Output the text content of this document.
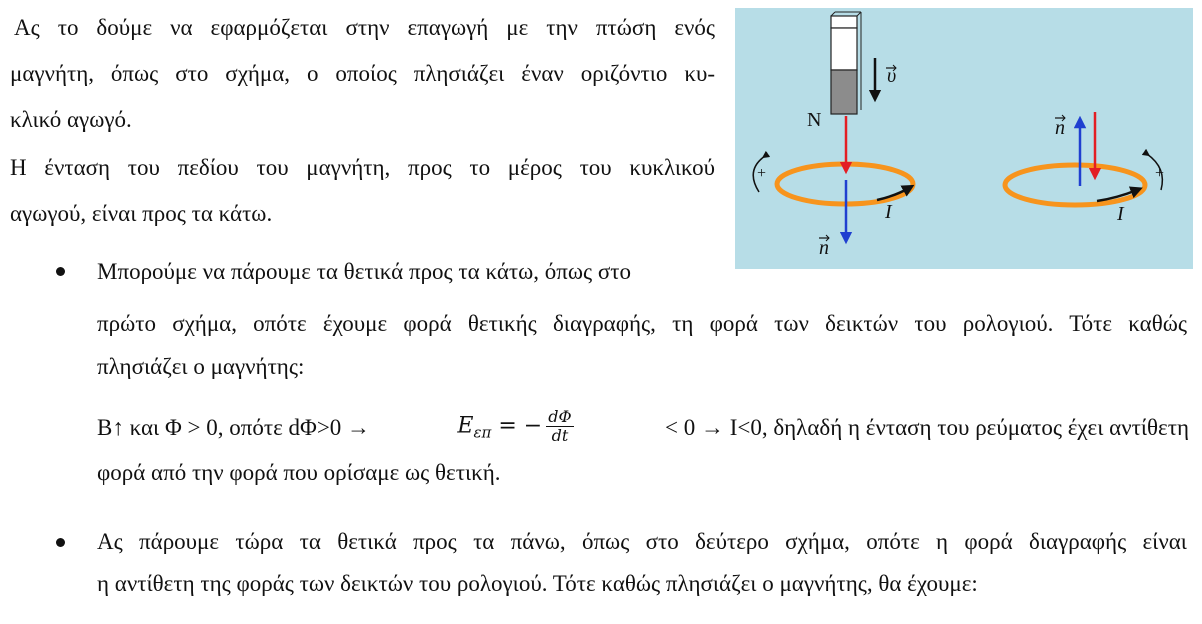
Ας το δούμε να εφαρμόζεται στην επαγωγή με την πτώση ενός
μαγνήτη, όπως στο σχήμα, ο οποίος πλησιάζει έναν οριζόντιο κυ-
κλικό αγωγό.
Η ένταση του πεδίου του μαγνήτη, προς το μέρος του κυκλικού
αγωγού, είναι προς τα κάτω.
Μπορούμε να πάρουμε τα θετικά προς τα κάτω, όπως στο
πρώτο σχήμα, οπότε έχουμε φορά θετικής διαγραφής, τη φορά των δεικτών του ρολογιού. Τότε καθώς
πλησιάζει ο μαγνήτης:
B↑ και Φ > 0, οπότε dΦ>0 →	$E_{\varepsilon\pi}$ = − $\frac{d\Phi}{dt}$	< 0 → I<0, δηλαδή η ένταση του ρεύματος έχει αντίθετη
φορά από την φορά που ορίσαμε ως θετική.
Ας πάρουμε τώρα τα θετικά προς τα πάνω, όπως στο δεύτερο σχήμα, οπότε η φορά διαγραφής είναι
η αντίθετη της φοράς των δεικτών του ρολογιού. Τότε καθώς πλησιάζει ο μαγνήτης, θα έχουμε:
N
υ
n
I
+
n
I
+
